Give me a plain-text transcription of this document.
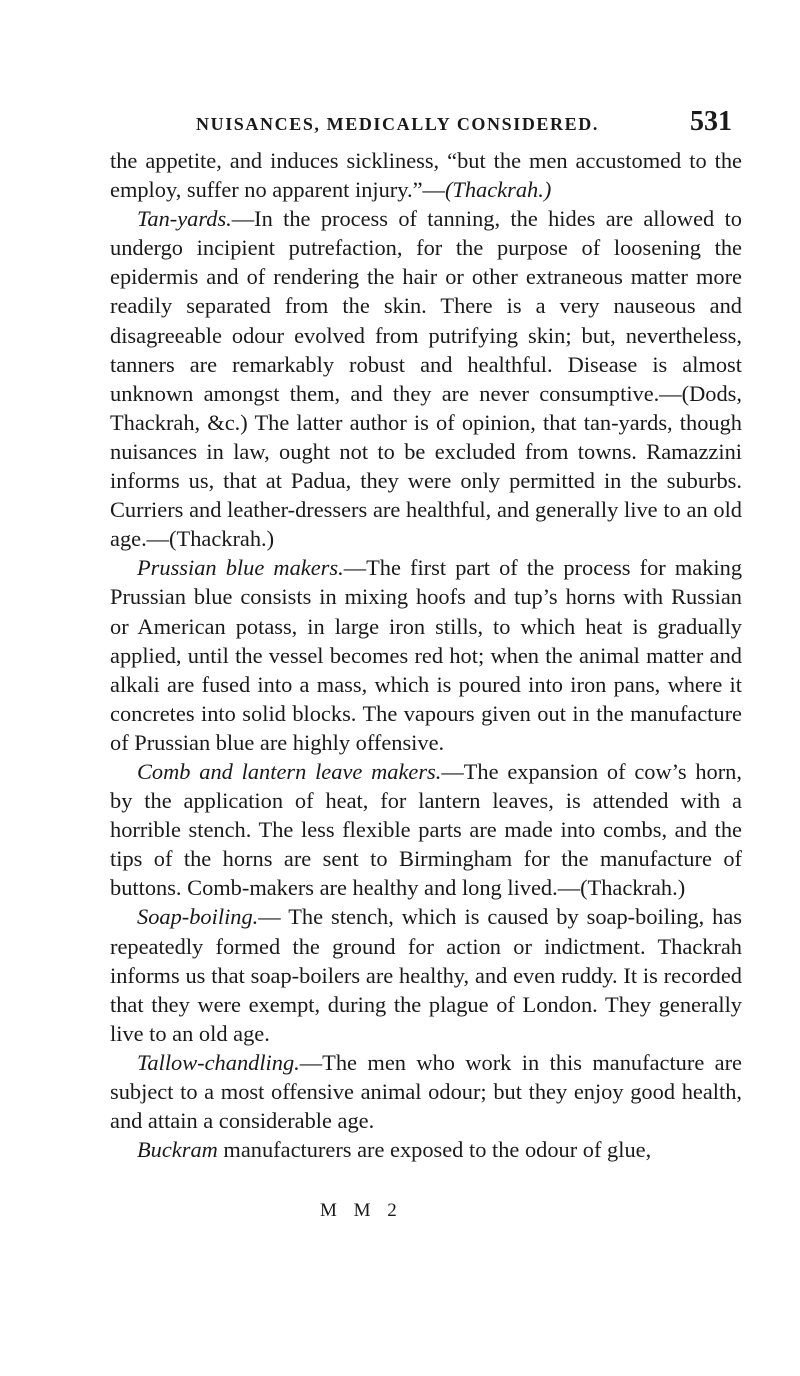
NUISANCES, MEDICALLY CONSIDERED.	531

the appetite, and induces sickliness, “but the men accustomed to the employ, suffer no apparent injury.”—(Thackrah.)

Tan-yards.—In the process of tanning, the hides are allowed to undergo incipient putrefaction, for the purpose of loosening the epidermis and of rendering the hair or other extraneous matter more readily separated from the skin. There is a very nauseous and disagreeable odour evolved from putrifying skin; but, nevertheless, tanners are remarkably robust and healthful. Disease is almost unknown amongst them, and they are never consumptive.—(Dods, Thackrah, &c.) The latter author is of opinion, that tan-yards, though nuisances in law, ought not to be excluded from towns. Ramazzini informs us, that at Padua, they were only permitted in the suburbs. Curriers and leather-dressers are healthful, and generally live to an old age.—(Thackrah.)

Prussian blue makers.—The first part of the process for making Prussian blue consists in mixing hoofs and tup’s horns with Russian or American potass, in large iron stills, to which heat is gradually applied, until the vessel becomes red hot; when the animal matter and alkali are fused into a mass, which is poured into iron pans, where it concretes into solid blocks. The vapours given out in the manufacture of Prussian blue are highly offensive.

Comb and lantern leave makers.—The expansion of cow’s horn, by the application of heat, for lantern leaves, is attended with a horrible stench. The less flexible parts are made into combs, and the tips of the horns are sent to Birmingham for the manufacture of buttons. Comb-makers are healthy and long lived.—(Thackrah.)

Soap-boiling.— The stench, which is caused by soap-boiling, has repeatedly formed the ground for action or indictment. Thackrah informs us that soap-boilers are healthy, and even ruddy. It is recorded that they were exempt, during the plague of London. They generally live to an old age.

Tallow-chandling.—The men who work in this manufacture are subject to a most offensive animal odour; but they enjoy good health, and attain a considerable age.

Buckram manufacturers are exposed to the odour of glue,

M M 2
